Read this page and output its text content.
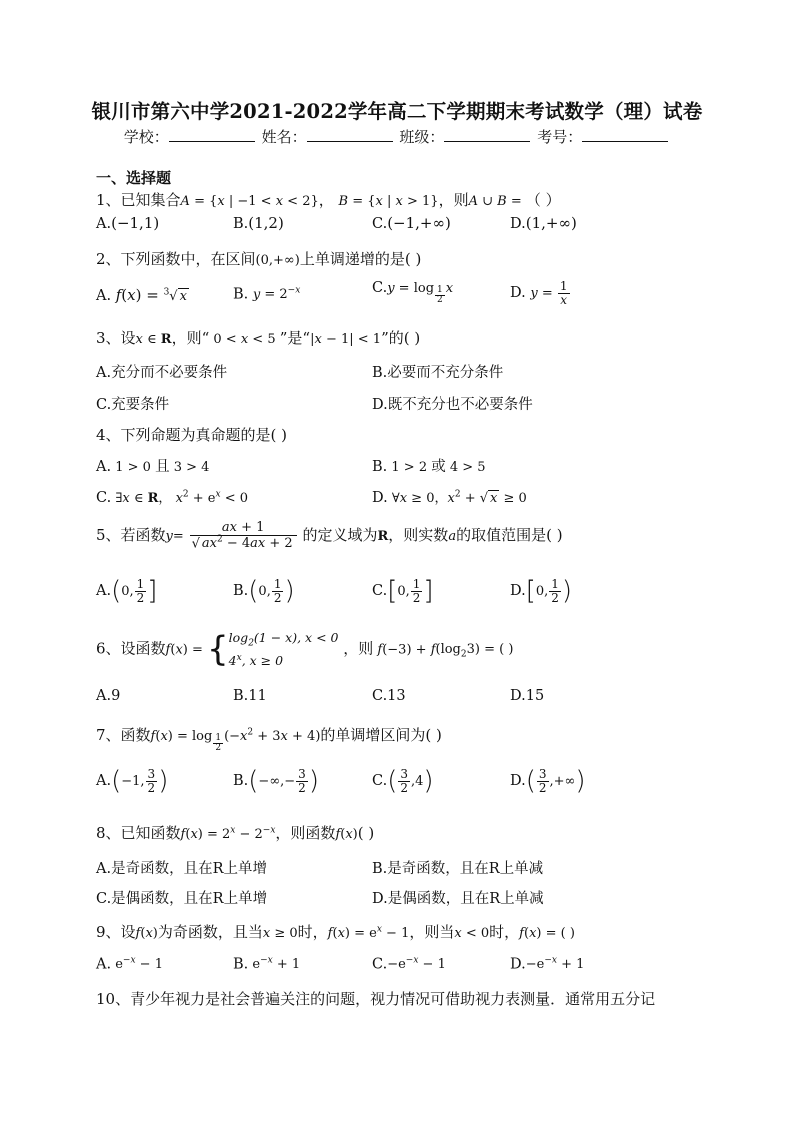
银川市第六中学2021-2022学年高二下学期期末考试数学（理）试卷
学校：	姓名：	班级：	考号：
一、选择题
1、已知集合A = {x | −1 < x < 2}， B = {x | x > 1}，则A ∪ B = （ ）
A.(−1,1)	B.(1,2)	C.(−1,+∞)	D.(1,+∞)
2、下列函数中，在区间(0,+∞)上单调递增的是( )
A. f(x) = $^3$√ x	B. $y = 2^{-x}$	$C.y = \log \frac{1}{2}$ x	D. $y = \frac{1}{x}$
3、设x ∈ R，则“ 0 < x < 5 ”是“|x − 1| < 1”的( )
A.充分而不必要条件	B.必要而不充分条件
C.充要条件	D.既不充分也不必要条件
4、下列命题为真命题的是( )
A. 1 > 0 且 3 > 4	B. 1 > 2 或 4 > 5
C. ∃x ∈ R， $x^2 + e^x < 0$	D. ∀x ≥ 0，$x^2$ + √ x ≥ 0
5、若函数$y= \frac{ax + 1}{√ ax^2 - 4ax + 2}$ 的定义域为R，则实数a的取值范围是( )
A.(0, $\frac{1}{2}$ ]	B.(0, $\frac{1}{2}$ )	C.[0, $\frac{1}{2}$ ]	D.[0, $\frac{1}{2}$ )
6、设函数$f(x) = \{\log_2(1 - x)$, x < 0
4$^x$, x ≥ 0 ，则 $f(-3) + f(\log_23)$ = ( )
A.9	B.11	C.13	D.15
7、函数$f(x) = \log \frac{1}{2} (-x^2 + 3x + 4)$的单调增区间为( )
A.(−1, $\frac{3}{2}$ )	$B.(-\infty,- \frac{3}{2}$ )	$C.( \frac{3}{2} ,4)$	$D.( \frac{3}{2}$ ,+∞)
8、已知函数$f(x) = 2^x - 2^{-x}$，则函数f(x)( )
A.是奇函数，且在R上单增	B.是奇函数，且在R上单减
C.是偶函数，且在R上单增	D.是偶函数，且在R上单减
9、设f(x)为奇函数，且当x ≥ 0时，$f(x) = e^x - 1$，则当x < 0时，f(x) = ( )
A. $e^{-x} - 1$	B. $e^{-x} + 1$	$C.-e^{-x} - 1$	$D.-e^{-x} + 1$
10、青少年视力是社会普遍关注的问题，视力情况可借助视力表测量．通常用五分记
